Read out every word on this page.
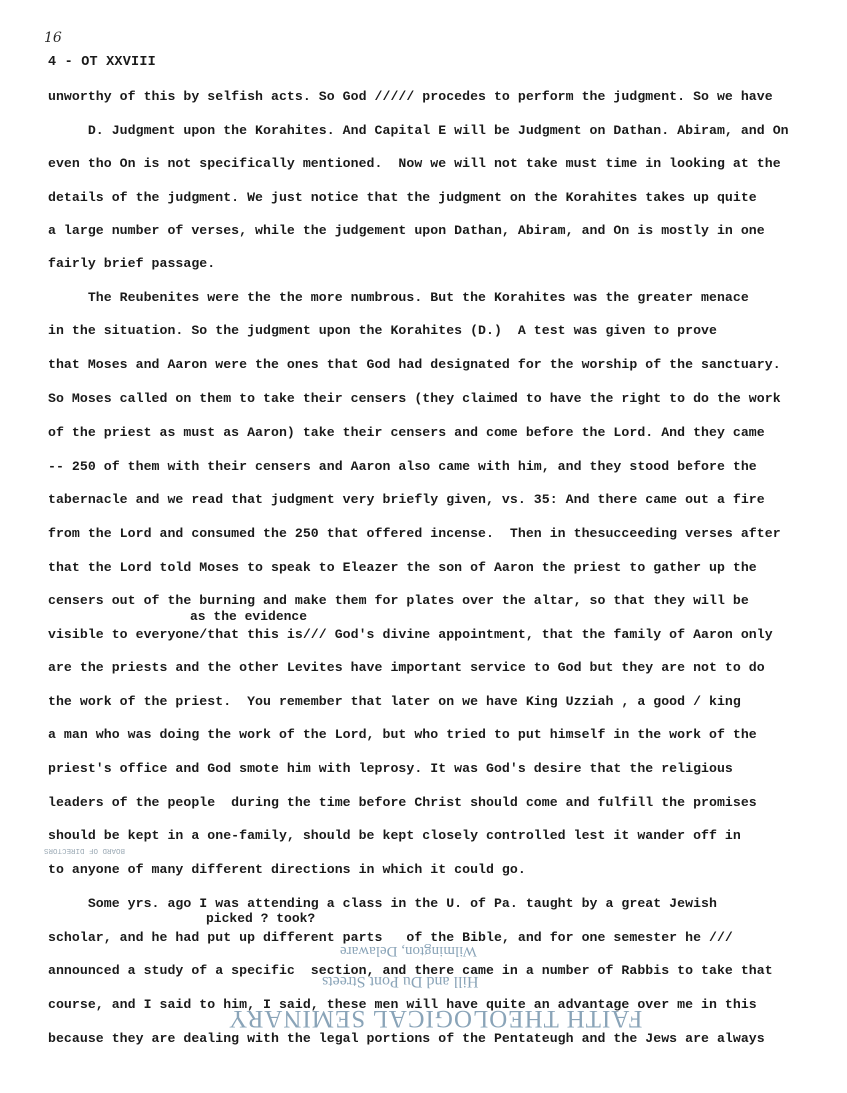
16
4 - OT XXVIII
unworthy of this by selfish acts. So God ///// procedes to perform the judgment. So we have
D. Judgment upon the Korahites. And Capital E will be Judgment on Dathan. Abiram, and On
even tho On is not specifically mentioned.  Now we will not take must time in looking at the
details of the judgment. We just notice that the judgment on the Korahites takes up quite
a large number of verses, while the judgement upon Dathan, Abiram, and On is mostly in one
fairly brief passage.
The Reubenites were the the more numbrous. But the Korahites was the greater menace
in the situation. So the judgment upon the Korahites (D.)  A test was given to prove
that Moses and Aaron were the ones that God had designated for the worship of the sanctuary.
So Moses called on them to take their censers (they claimed to have the right to do the work
of the priest as must as Aaron) take their censers and come before the Lord. And they came
-- 250 of them with their censers and Aaron also came with him, and they stood before the
tabernacle and we read that judgment very briefly given, vs. 35: And there came out a fire
from the Lord and consumed the 250 that offered incense.  Then in thesucceeding verses after
that the Lord told Moses to speak to Eleazer the son of Aaron the priest to gather up the
censers out of the burning and make them for plates over the altar, so that they will be
as the evidence
visible to everyone/that this is/// God's divine appointment, that the family of Aaron only
are the priests and the other Levites have important service to God but they are not to do
the work of the priest.  You remember that later on we have King Uzziah , a good / king
a man who was doing the work of the Lord, but who tried to put himself in the work of the
priest's office and God smote him with leprosy. It was God's desire that the religious
leaders of the people  during the time before Christ should come and fulfill the promises
should be kept in a one-family, should be kept closely controlled lest it wander off in
to anyone of many different directions in which it could go.
Some yrs. ago I was attending a class in the U. of Pa. taught by a great Jewish
picked ? took?
scholar, and he had put up different parts   of the Bible, and for one semester he ///
announced a study of a specific  section, and there came in a number of Rabbis to take that
course, and I said to him, I said, these men will have quite an advantage over me in this
because they are dealing with the legal portions of the Pentateugh and the Jews are always
Wilmington, Delaware
Hill and Du Pont Streets
FAITH THEOLOGICAL SEMINARY
BOARD OF DIRECTORS
